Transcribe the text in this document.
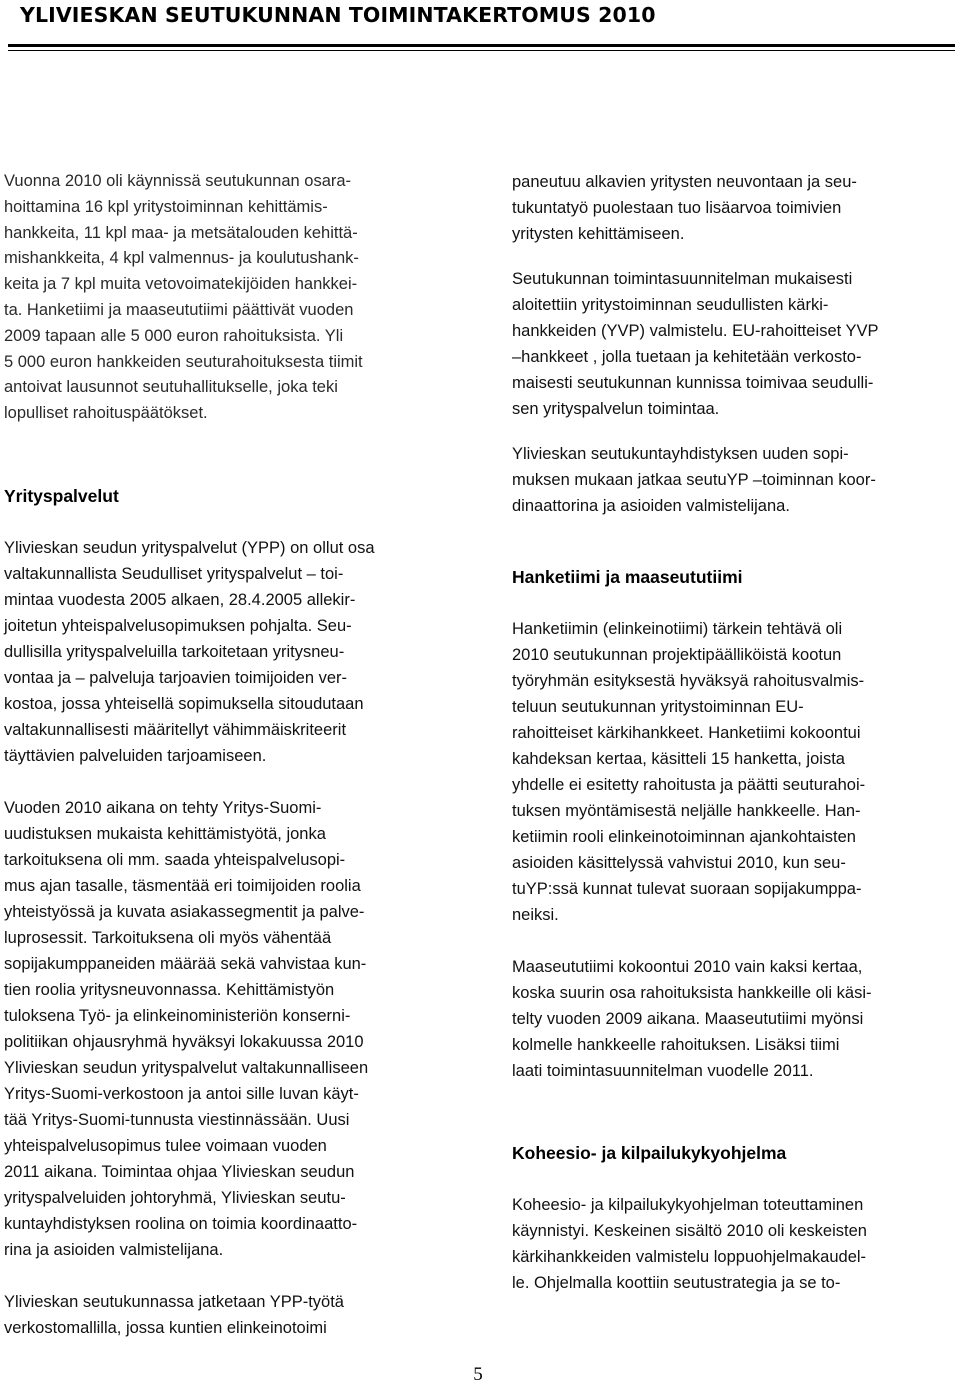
YLIVIESKAN SEUTUKUNNAN TOIMINTAKERTOMUS 2010

Vuonna 2010 oli käynnissä seutukunnan osara-
hoittamina 16 kpl yritystoiminnan kehittämis-
hankkeita, 11 kpl maa- ja metsätalouden kehittä-
mishankkeita, 4 kpl valmennus- ja koulutushank-
keita ja 7 kpl muita vetovoimatekijöiden hankkei-
ta. Hanketiimi ja maaseututiimi päättivät vuoden
2009 tapaan alle 5 000 euron rahoituksista. Yli
5 000 euron hankkeiden seuturahoituksesta tiimit
antoivat lausunnot seutuhallitukselle, joka teki
lopulliset rahoituspäätökset.

Yrityspalvelut

Ylivieskan seudun yrityspalvelut (YPP) on ollut osa
valtakunnallista Seudulliset yrityspalvelut – toi-
mintaa vuodesta 2005 alkaen, 28.4.2005 allekir-
joitetun yhteispalvelusopimuksen pohjalta. Seu-
dullisilla yrityspalveluilla tarkoitetaan yritysneu-
vontaa ja – palveluja tarjoavien toimijoiden ver-
kostoa, jossa yhteisellä sopimuksella sitoudutaan
valtakunnallisesti määritellyt vähimmäiskriteerit
täyttävien palveluiden tarjoamiseen.

Vuoden 2010 aikana on tehty Yritys-Suomi-
uudistuksen mukaista kehittämistyötä, jonka
tarkoituksena oli mm. saada yhteispalvelusopi-
mus ajan tasalle, täsmentää eri toimijoiden roolia
yhteistyössä ja kuvata asiakassegmentit ja palve-
luprosessit. Tarkoituksena oli myös vähentää
sopijakumppaneiden määrää sekä vahvistaa kun-
tien roolia yritysneuvonnassa. Kehittämistyön
tuloksena Työ- ja elinkeinoministeriön konserni-
politiikan ohjausryhmä hyväksyi lokakuussa 2010
Ylivieskan seudun yrityspalvelut valtakunnalliseen
Yritys-Suomi-verkostoon ja antoi sille luvan käyt-
tää Yritys-Suomi-tunnusta viestinnässään. Uusi
yhteispalvelusopimus tulee voimaan vuoden
2011 aikana. Toimintaa ohjaa Ylivieskan seudun
yrityspalveluiden johtoryhmä, Ylivieskan seutu-
kuntayhdistyksen roolina on toimia koordinaatto-
rina ja asioiden valmistelijana.

Ylivieskan seutukunnassa jatketaan YPP-työtä
verkostomallilla, jossa kuntien elinkeinotoimi

paneutuu alkavien yritysten neuvontaan ja seu-
tukuntatyö puolestaan tuo lisäarvoa toimivien
yritysten kehittämiseen.

Seutukunnan toimintasuunnitelman mukaisesti
aloitettiin yritystoiminnan seudullisten kärki-
hankkeiden (YVP) valmistelu. EU-rahoitteiset YVP
–hankkeet , jolla tuetaan ja kehitetään verkosto-
maisesti seutukunnan kunnissa toimivaa seudulli-
sen yrityspalvelun toimintaa.

Ylivieskan seutukuntayhdistyksen uuden sopi-
muksen mukaan jatkaa seutuYP –toiminnan koor-
dinaattorina ja asioiden valmistelijana.

Hanketiimi ja maaseututiimi

Hanketiimin (elinkeinotiimi) tärkein tehtävä oli
2010 seutukunnan projektipäälliköistä kootun
työryhmän esityksestä hyväksyä rahoitusvalmis-
teluun seutukunnan yritystoiminnan EU-
rahoitteiset kärkihankkeet. Hanketiimi kokoontui
kahdeksan kertaa, käsitteli 15 hanketta, joista
yhdelle ei esitetty rahoitusta ja päätti seuturahoi-
tuksen myöntämisestä neljälle hankkeelle. Han-
ketiimin rooli elinkeinotoiminnan ajankohtaisten
asioiden käsittelyssä vahvistui 2010, kun seu-
tuYP:ssä kunnat tulevat suoraan sopijakumppa-
neiksi.

Maaseututiimi kokoontui 2010 vain kaksi kertaa,
koska suurin osa rahoituksista hankkeille oli käsi-
telty vuoden 2009 aikana. Maaseututiimi myönsi
kolmelle hankkeelle rahoituksen. Lisäksi tiimi
laati toimintasuunnitelman vuodelle 2011.

Koheesio- ja kilpailukykyohjelma

Koheesio- ja kilpailukykyohjelman toteuttaminen
käynnistyi. Keskeinen sisältö 2010 oli keskeisten
kärkihankkeiden valmistelu loppuohjelmakaudel-
le. Ohjelmalla koottiin seutustrategia ja se to-

5
